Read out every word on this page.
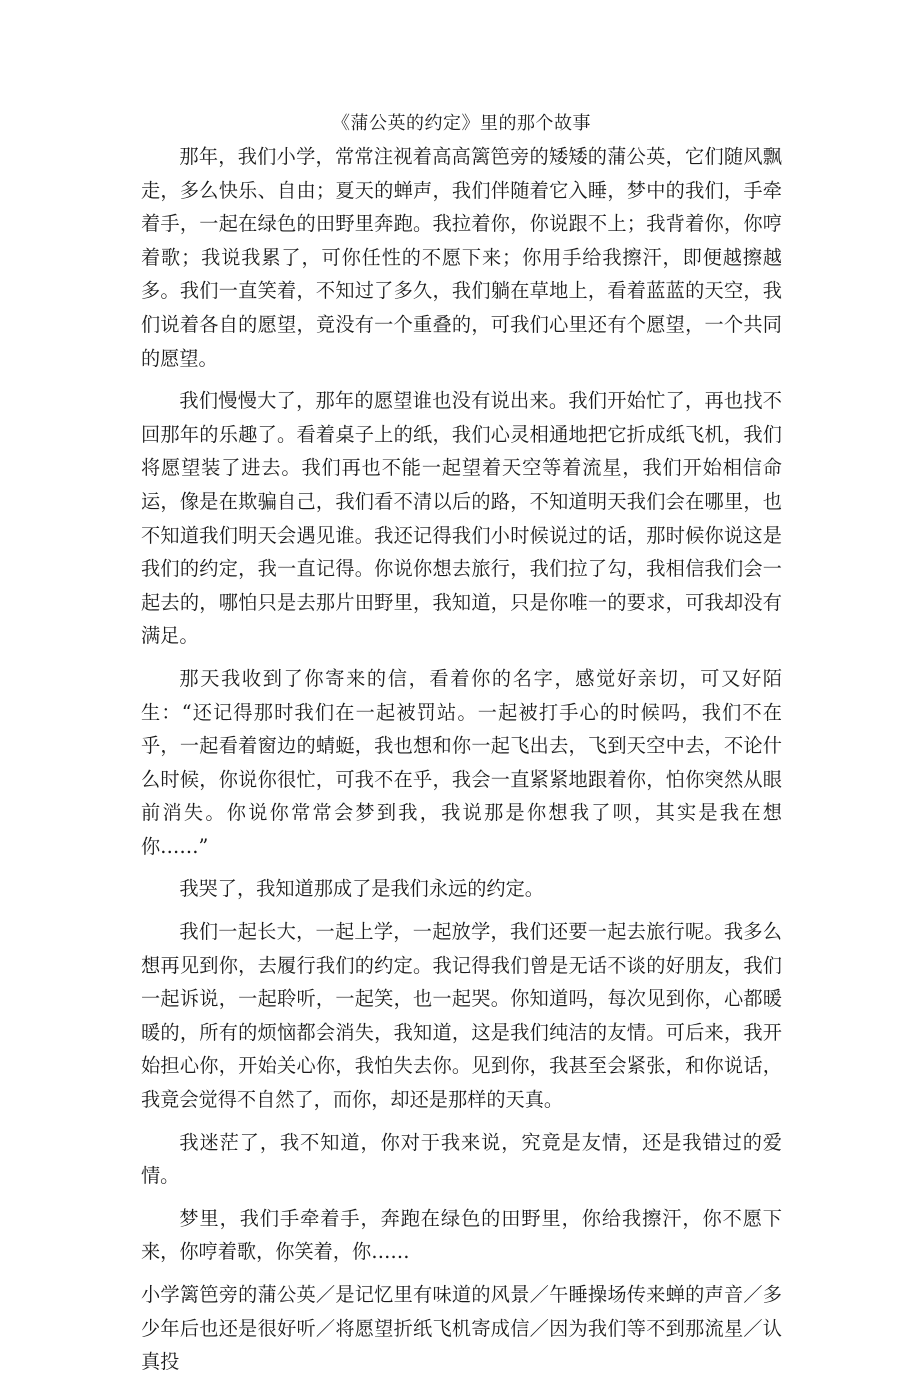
《蒲公英的约定》里的那个故事

那年，我们小学，常常注视着高高篱笆旁的矮矮的蒲公英，它们随风飘走，多么快乐、自由；夏天的蝉声，我们伴随着它入睡，梦中的我们，手牵着手，一起在绿色的田野里奔跑。我拉着你，你说跟不上；我背着你，你哼着歌；我说我累了，可你任性的不愿下来；你用手给我擦汗，即便越擦越多。我们一直笑着，不知过了多久，我们躺在草地上，看着蓝蓝的天空，我们说着各自的愿望，竟没有一个重叠的，可我们心里还有个愿望，一个共同的愿望。

我们慢慢大了，那年的愿望谁也没有说出来。我们开始忙了，再也找不回那年的乐趣了。看着桌子上的纸，我们心灵相通地把它折成纸飞机，我们将愿望装了进去。我们再也不能一起望着天空等着流星，我们开始相信命运，像是在欺骗自己，我们看不清以后的路，不知道明天我们会在哪里，也不知道我们明天会遇见谁。我还记得我们小时候说过的话，那时候你说这是我们的约定，我一直记得。你说你想去旅行，我们拉了勾，我相信我们会一起去的，哪怕只是去那片田野里，我知道，只是你唯一的要求，可我却没有满足。

那天我收到了你寄来的信，看着你的名字，感觉好亲切，可又好陌生：“还记得那时我们在一起被罚站。一起被打手心的时候吗，我们不在乎，一起看着窗边的蜻蜓，我也想和你一起飞出去，飞到天空中去，不论什么时候，你说你很忙，可我不在乎，我会一直紧紧地跟着你，怕你突然从眼前消失。你说你常常会梦到我，我说那是你想我了呗，其实是我在想你……”

我哭了，我知道那成了是我们永远的约定。

我们一起长大，一起上学，一起放学，我们还要一起去旅行呢。我多么想再见到你，去履行我们的约定。我记得我们曾是无话不谈的好朋友，我们一起诉说，一起聆听，一起笑，也一起哭。你知道吗，每次见到你，心都暖暖的，所有的烦恼都会消失，我知道，这是我们纯洁的友情。可后来，我开始担心你，开始关心你，我怕失去你。见到你，我甚至会紧张，和你说话，我竟会觉得不自然了，而你，却还是那样的天真。

我迷茫了，我不知道，你对于我来说，究竟是友情，还是我错过的爱情。

梦里，我们手牵着手，奔跑在绿色的田野里，你给我擦汗，你不愿下来，你哼着歌，你笑着，你……

小学篱笆旁的蒲公英／是记忆里有味道的风景／午睡操场传来蝉的声音／多少年后也还是很好听／将愿望折纸飞机寄成信／因为我们等不到那流星／认真投
